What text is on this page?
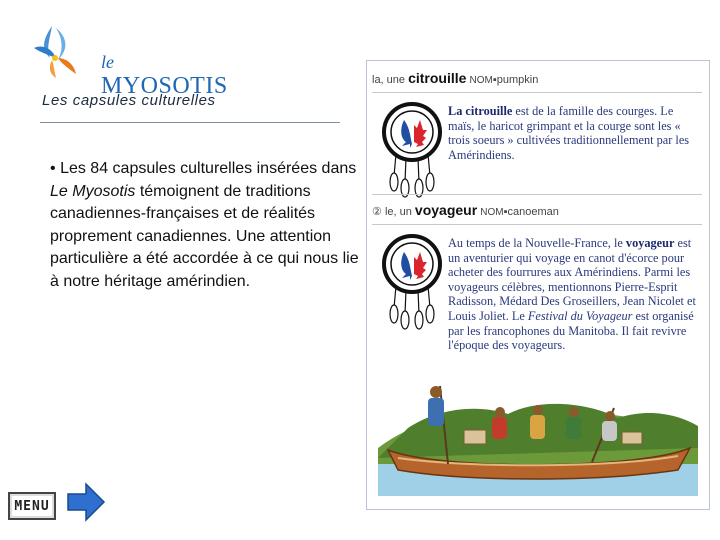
le MYOSOTIS
Les capsules culturelles
• Les 84 capsules culturelles insérées dans Le Myosotis témoignent de traditions canadiennes-françaises et de réalités proprement canadiennes. Une attention particulière a été accordée à ce qui nous lie à notre héritage amérindien.
la, une citrouille NOM▪pumpkin
La citrouille est de la famille des courges. Le maïs, le haricot grimpant et la courge sont les « trois soeurs » cultivées traditionnellement par les Amérindiens.
② le, un voyageur NOM▪canoeman
Au temps de la Nouvelle-France, le voyageur est un aventurier qui voyage en canot d'écorce pour acheter des fourrures aux Amérindiens. Parmi les voyageurs célèbres, mentionnons Pierre-Esprit Radisson, Médard Des Groseillers, Jean Nicolet et Louis Joliet. Le Festival du Voyageur est organisé par les francophones du Manitoba. Il fait revivre l'époque des voyageurs.
MENU
